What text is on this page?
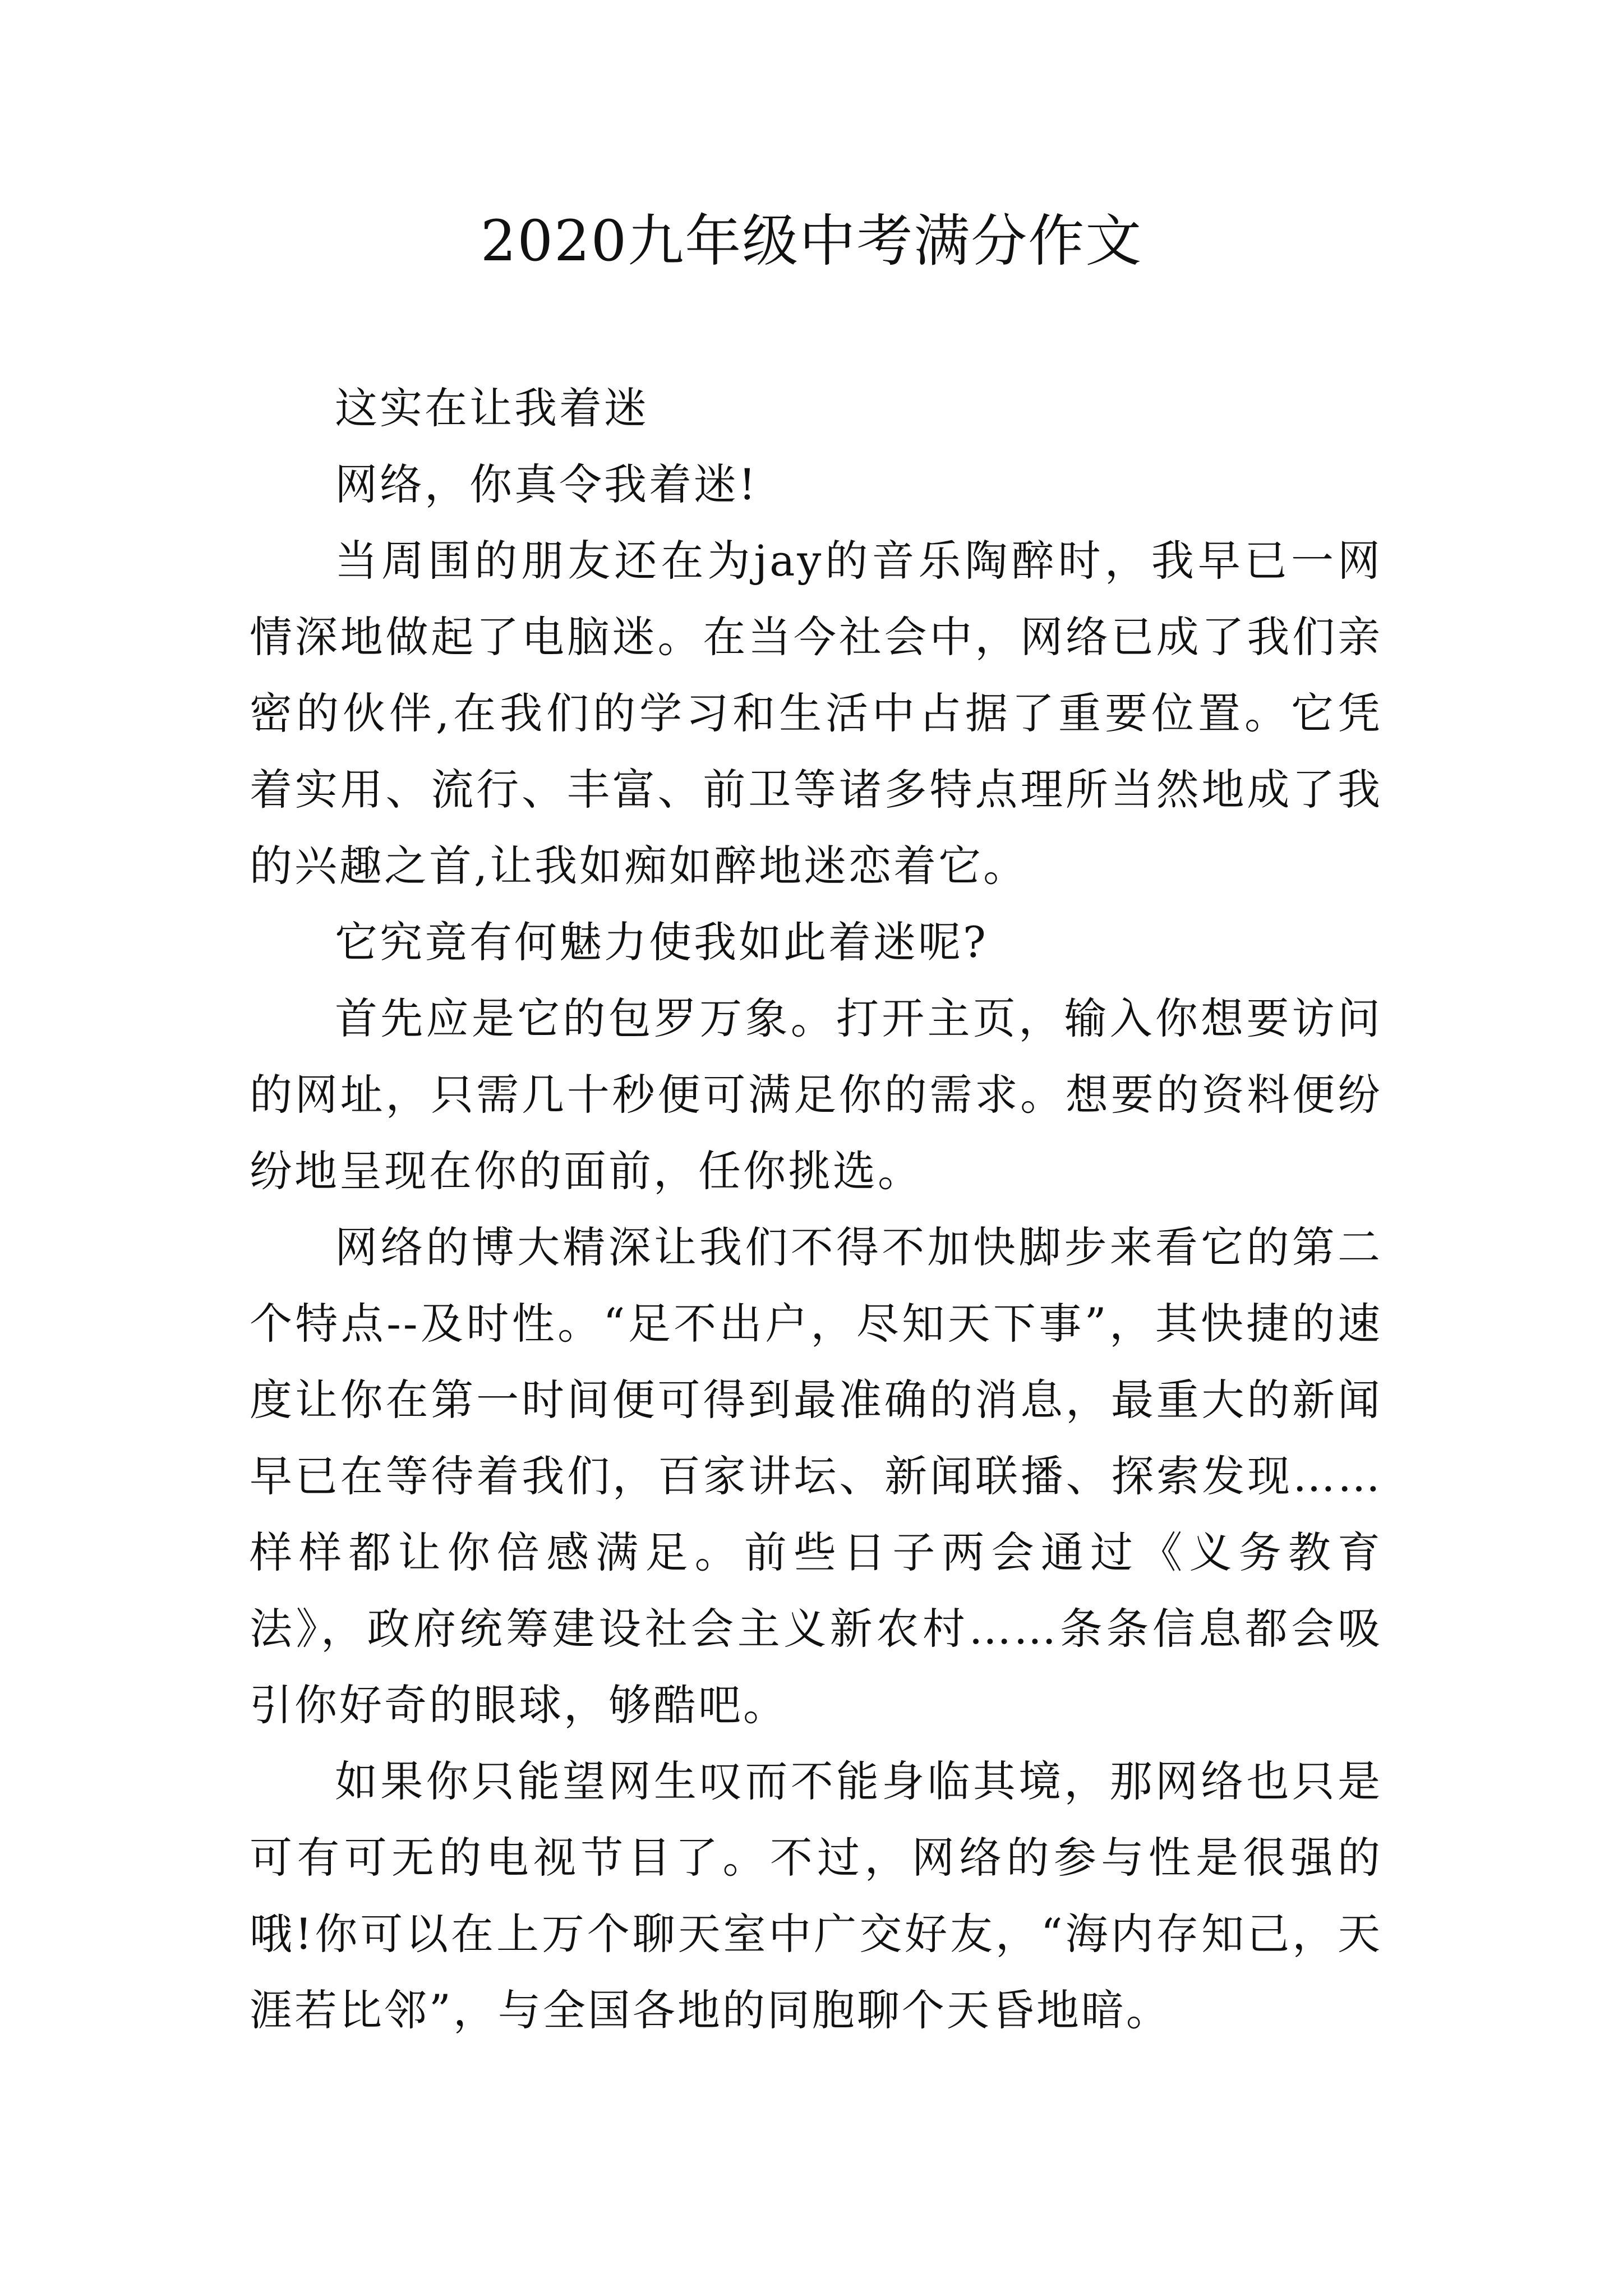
2020九年级中考满分作文

这实在让我着迷

网络，你真令我着迷!

当周围的朋友还在为jay的音乐陶醉时，我早已一网情深地做起了电脑迷。在当今社会中，网络已成了我们亲密的伙伴,在我们的学习和生活中占据了重要位置。它凭着实用、流行、丰富、前卫等诸多特点理所当然地成了我的兴趣之首,让我如痴如醉地迷恋着它。

它究竟有何魅力使我如此着迷呢?

首先应是它的包罗万象。打开主页，输入你想要访问的网址，只需几十秒便可满足你的需求。想要的资料便纷纷地呈现在你的面前，任你挑选。

网络的博大精深让我们不得不加快脚步来看它的第二个特点--及时性。“足不出户，尽知天下事”，其快捷的速度让你在第一时间便可得到最准确的消息，最重大的新闻早已在等待着我们，百家讲坛、新闻联播、探索发现……样样都让你倍感满足。前些日子两会通过《义务教育法》，政府统筹建设社会主义新农村……条条信息都会吸引你好奇的眼球，够酷吧。

如果你只能望网生叹而不能身临其境，那网络也只是可有可无的电视节目了。不过，网络的参与性是很强的哦!你可以在上万个聊天室中广交好友，“海内存知己，天涯若比邻”，与全国各地的同胞聊个天昏地暗。
